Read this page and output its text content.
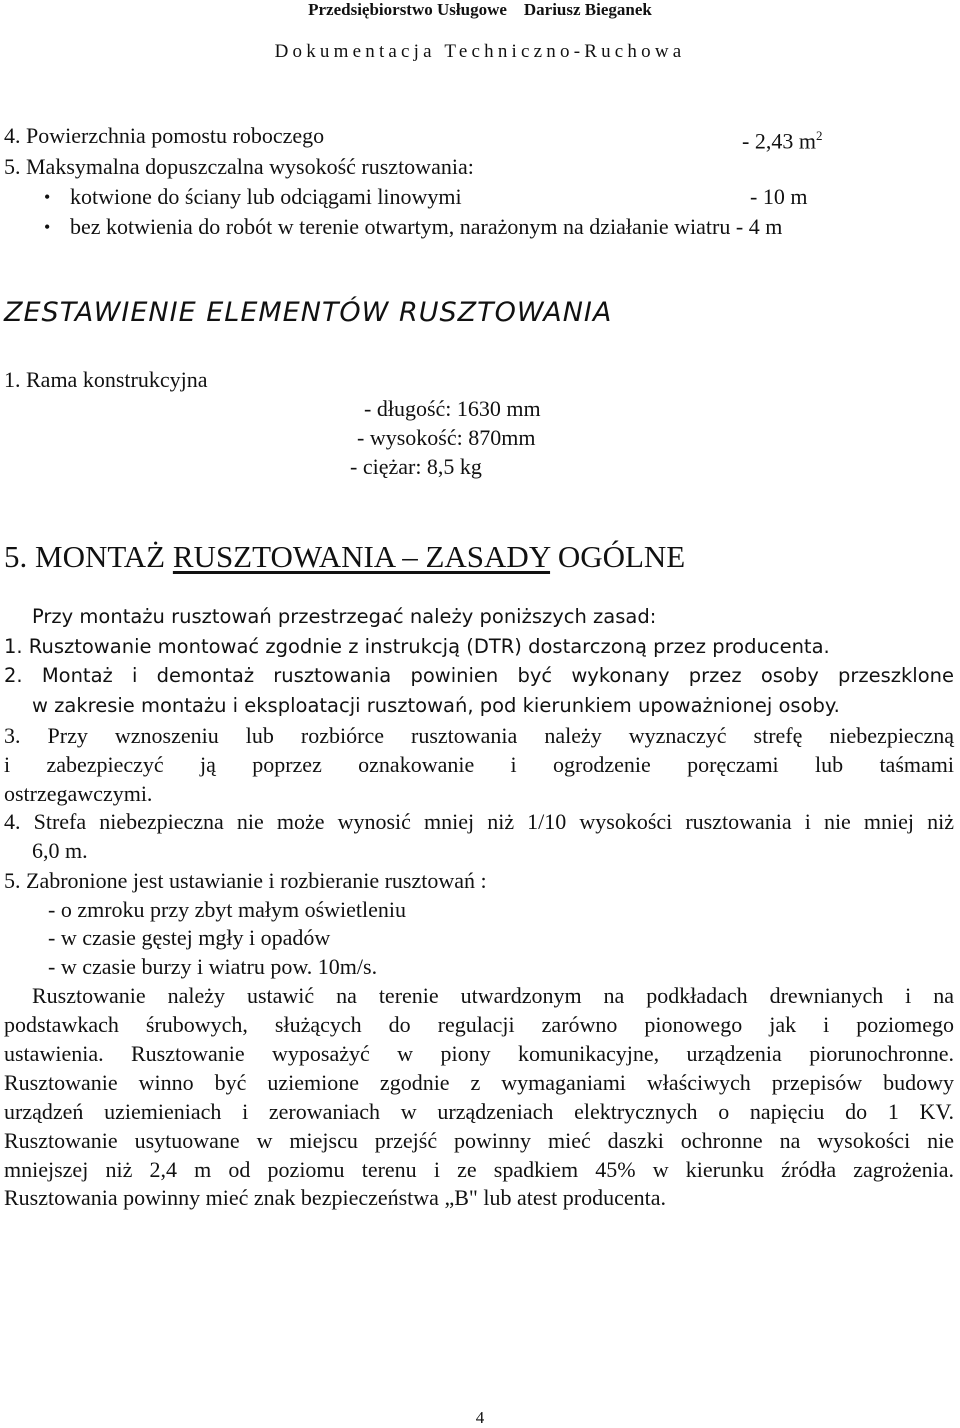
Przedsiębiorstwo Usługowe Dariusz Bieganek
Dokumentacja Techniczno-Ruchowa
4. Powierzchnia pomostu roboczego	- 2,43 $m^2$
5. Maksymalna dopuszczalna wysokość rusztowania:
• kotwione do ściany lub odciągami linowymi	- 10 m
• bez kotwienia do robót w terenie otwartym, narażonym na działanie wiatru - 4 m
ZESTAWIENIE ELEMENTÓW RUSZTOWANIA
1. Rama konstrukcyjna
- długość: 1630 mm
- wysokość: 870mm
- ciężar: 8,5 kg
5. MONTAŻ RUSZTOWANIA – ZASADY OGÓLNE
Przy montażu rusztowań przestrzegać należy poniższych zasad:
1. Rusztowanie montować zgodnie z instrukcją (DTR) dostarczoną przez producenta.
2. Montaż i demontaż rusztowania powinien być wykonany przez osoby przeszklone
w zakresie montażu i eksploatacji rusztowań, pod kierunkiem upoważnionej osoby.
3. Przy wznoszeniu lub rozbiórce rusztowania należy wyznaczyć strefę niebezpieczną
i zabezpieczyć ją poprzez oznakowanie i ogrodzenie poręczami lub taśmami
ostrzegawczymi.
4. Strefa niebezpieczna nie może wynosić mniej niż 1/10 wysokości rusztowania i nie mniej niż
6,0 m.
5. Zabronione jest ustawianie i rozbieranie rusztowań :
- o zmroku przy zbyt małym oświetleniu
- w czasie gęstej mgły i opadów
- w czasie burzy i wiatru pow. 10m/s.
Rusztowanie należy ustawić na terenie utwardzonym na podkładach drewnianych i na
podstawkach śrubowych, służących do regulacji zarówno pionowego jak i poziomego
ustawienia. Rusztowanie wyposażyć w piony komunikacyjne, urządzenia piorunochronne.
Rusztowanie winno być uziemione zgodnie z wymaganiami właściwych przepisów budowy
urządzeń uziemieniach i zerowaniach w urządzeniach elektrycznych o napięciu do 1 KV.
Rusztowanie usytuowane w miejscu przejść powinny mieć daszki ochronne na wysokości nie
mniejszej niż 2,4 m od poziomu terenu i ze spadkiem 45% w kierunku źródła zagrożenia.
Rusztowania powinny mieć znak bezpieczeństwa „B" lub atest producenta.
4
